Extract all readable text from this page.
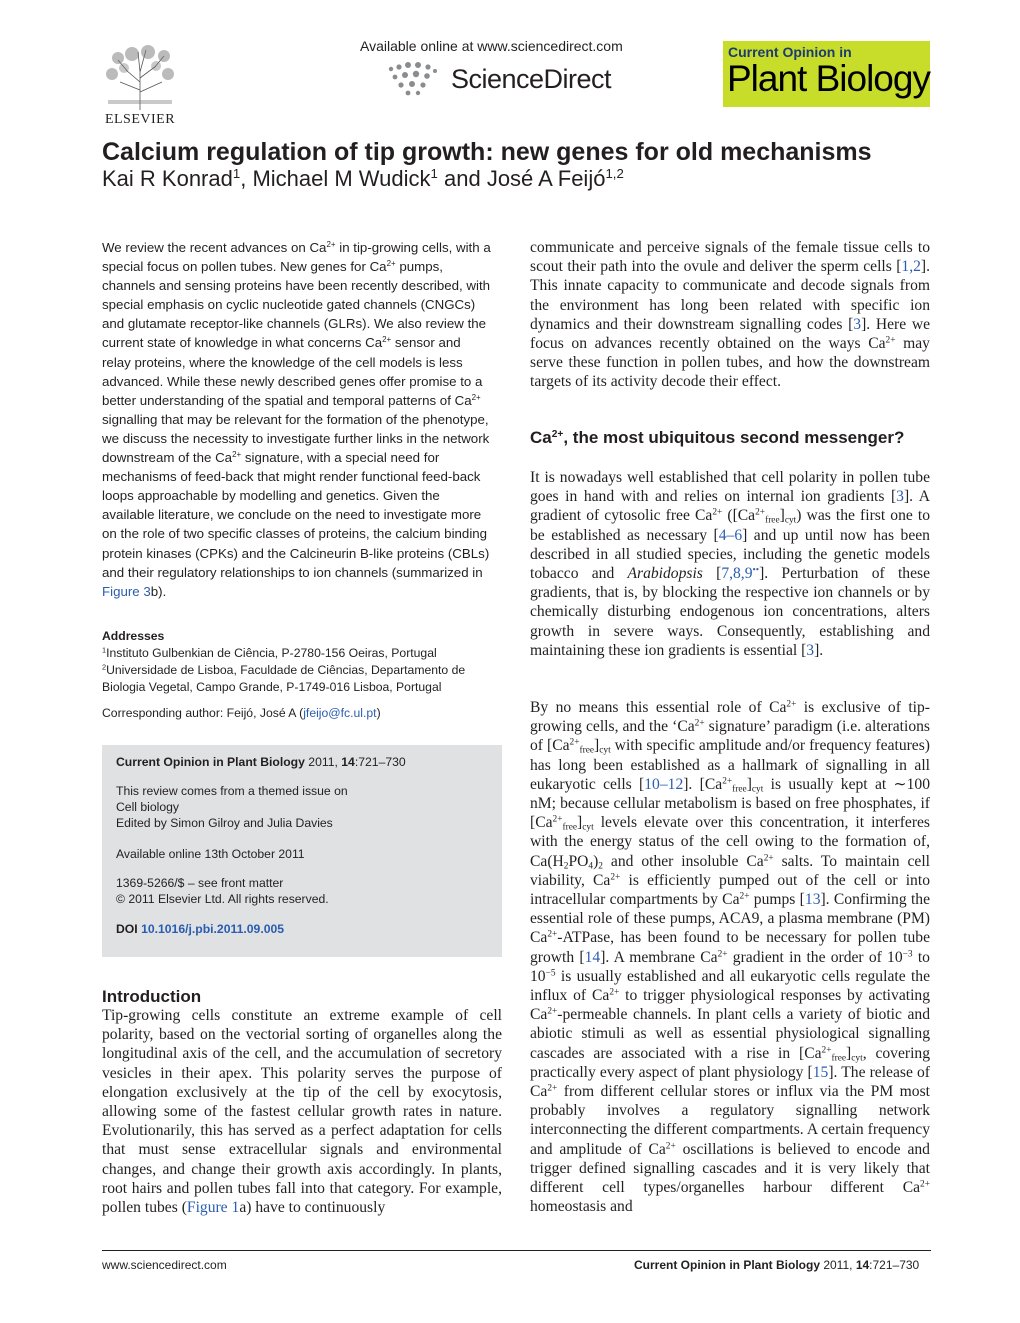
ELSEVIER
Available online at www.sciencedirect.com
ScienceDirect
Current Opinion in
Plant Biology
Calcium regulation of tip growth: new genes for old mechanisms
Kai R Konrad$^1$, Michael M Wudick$^1$ and José A Feijó$^{1,2}$
We review the recent advances on $Ca^{2+}$ in tip-growing cells, with a special focus on pollen tubes. New genes for $Ca^{2+}$ pumps, channels and sensing proteins have been recently described, with special emphasis on cyclic nucleotide gated channels (CNGCs) and glutamate receptor-like channels (GLRs). We also review the current state of knowledge in what concerns $Ca^{2+}$ sensor and relay proteins, where the knowledge of the cell models is less advanced. While these newly described genes offer promise to a better understanding of the spatial and temporal patterns of $Ca^{2+}$ signalling that may be relevant for the formation of the phenotype, we discuss the necessity to investigate further links in the network downstream of the $Ca^{2+}$ signature, with a special need for mechanisms of feed-back that might render functional feed-back loops approachable by modelling and genetics. Given the available literature, we conclude on the need to investigate more on the role of two specific classes of proteins, the calcium binding protein kinases (CPKs) and the Calcineurin B-like proteins (CBLs) and their regulatory relationships to ion channels (summarized in Figure 3b).
Addresses
$^1$Instituto Gulbenkian de Ciência, P-2780-156 Oeiras, Portugal
$^2$Universidade de Lisboa, Faculdade de Ciências, Departamento de Biologia Vegetal, Campo Grande, P-1749-016 Lisboa, Portugal
Corresponding author: Feijó, José A (jfeijo@fc.ul.pt)
Current Opinion in Plant Biology 2011, 14:721–730
This review comes from a themed issue on
Cell biology
Edited by Simon Gilroy and Julia Davies
Available online 13th October 2011
1369-5266/$ – see front matter
© 2011 Elsevier Ltd. All rights reserved.
DOI 10.1016/j.pbi.2011.09.005
Introduction
Tip-growing cells constitute an extreme example of cell polarity, based on the vectorial sorting of organelles along the longitudinal axis of the cell, and the accumulation of secretory vesicles in their apex. This polarity serves the purpose of elongation exclusively at the tip of the cell by exocytosis, allowing some of the fastest cellular growth rates in nature. Evolutionarily, this has served as a perfect adaptation for cells that must sense extracellular signals and environmental changes, and change their growth axis accordingly. In plants, root hairs and pollen tubes fall into that category. For example, pollen tubes (Figure 1a) have to continuously
communicate and perceive signals of the female tissue cells to scout their path into the ovule and deliver the sperm cells [1,2]. This innate capacity to communicate and decode signals from the environment has long been related with specific ion dynamics and their downstream signalling codes [3]. Here we focus on advances recently obtained on the ways $Ca^{2+}$ may serve these function in pollen tubes, and how the downstream targets of its activity decode their effect.
$Ca^{2+}$, the most ubiquitous second messenger?
It is nowadays well established that cell polarity in pollen tube goes in hand with and relies on internal ion gradients [3]. A gradient of cytosolic free $Ca^{2+}$ $([Ca^{2+}_{free}]_{cyt})$ was the first one to be established as necessary [4–6] and up until now has been described in all studied species, including the genetic models tobacco and Arabidopsis [7,8,9••]. Perturbation of these gradients, that is, by blocking the respective ion channels or by chemically disturbing endogenous ion concentrations, alters growth in severe ways. Consequently, establishing and maintaining these ion gradients is essential [3].
By no means this essential role of $Ca^{2+}$ is exclusive of tip-growing cells, and the ‘$Ca^{2+}$ signature’ paradigm (i.e. alterations of $[Ca^{2+}_{free}]_{cyt}$ with specific amplitude and/or frequency features) has long been established as a hallmark of signalling in all eukaryotic cells [10–12]. $[Ca^{2+}_{free}]_{cyt}$ is usually kept at ∼100 nM; because cellular metabolism is based on free phosphates, if $[Ca^{2+}_{free}]_{cyt}$ levels elevate over this concentration, it interferes with the energy status of the cell owing to the formation of, $Ca(H_2PO_4)_2$ and other insoluble $Ca^{2+}$ salts. To maintain cell viability, $Ca^{2+}$ is efficiently pumped out of the cell or into intracellular compartments by $Ca^{2+}$ pumps [13]. Confirming the essential role of these pumps, ACA9, a plasma membrane (PM) $Ca^{2+}$-ATPase, has been found to be necessary for pollen tube growth [14]. A membrane $Ca^{2+}$ gradient in the order of $10^{-3}$ to $10^{-5}$ is usually established and all eukaryotic cells regulate the influx of $Ca^{2+}$ to trigger physiological responses by activating $Ca^{2+}$-permeable channels. In plant cells a variety of biotic and abiotic stimuli as well as essential physiological signalling cascades are associated with a rise in $[Ca^{2+}_{free}]_{cyt}$, covering practically every aspect of plant physiology [15]. The release of $Ca^{2+}$ from different cellular stores or influx via the PM most probably involves a regulatory signalling network interconnecting the different compartments. A certain frequency and amplitude of $Ca^{2+}$ oscillations is believed to encode and trigger defined signalling cascades and it is very likely that different cell types/organelles harbour different $Ca^{2+}$ homeostasis and
www.sciencedirect.com	Current Opinion in Plant Biology 2011, 14:721–730
